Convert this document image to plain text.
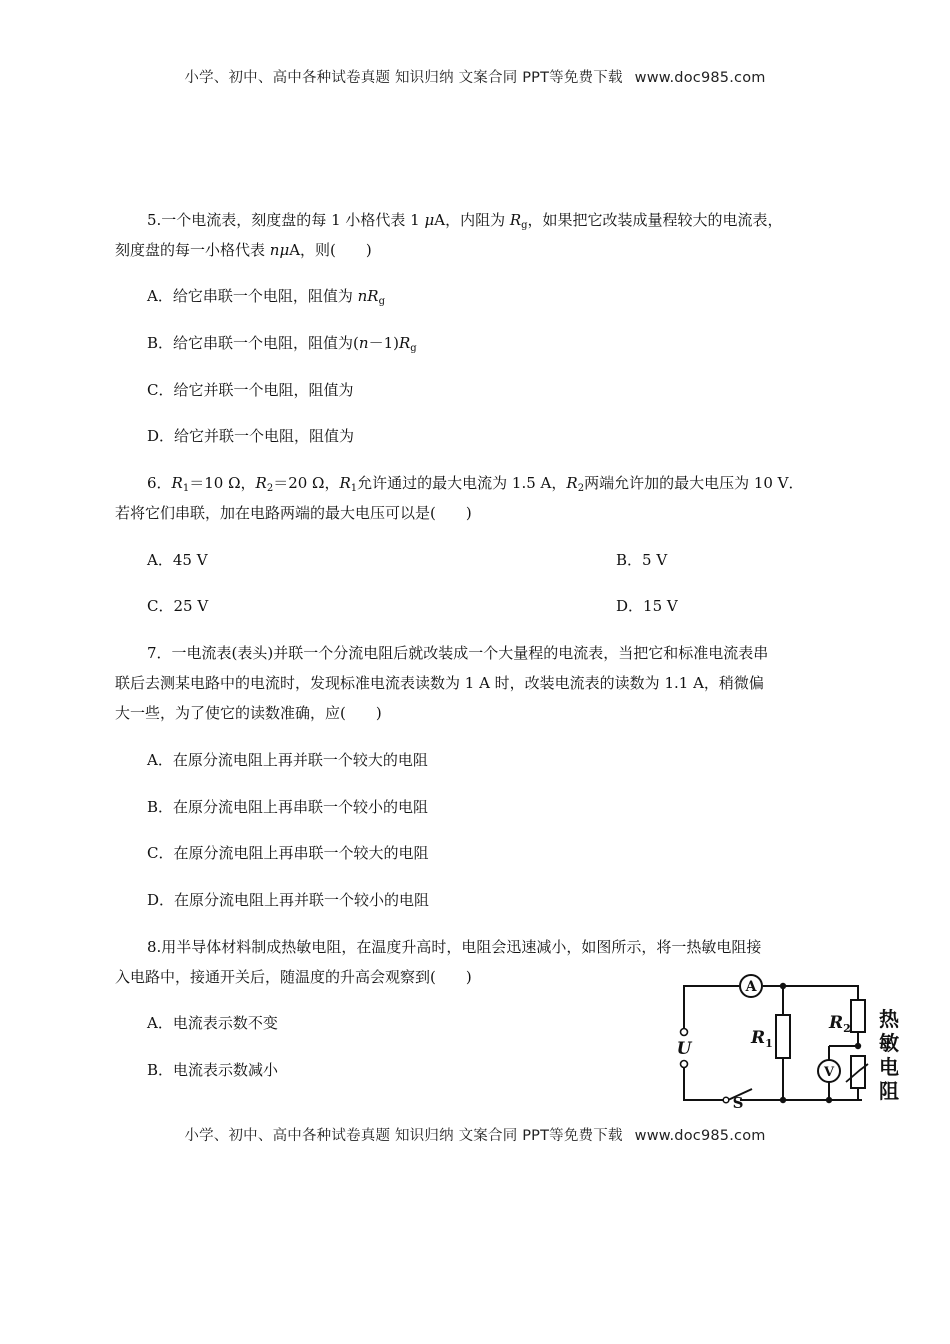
小学、初中、高中各种试卷真题 知识归纳 文案合同 PPT等免费下载 www.doc985.com
5.一个电流表，刻度盘的每 1 小格代表 1 μA，内阻为 $R_g$，如果把它改装成量程较大的电流表，
刻度盘的每一小格代表 nμA，则(　　)
A．给它串联一个电阻，阻值为 $nR_g$
B．给它串联一个电阻，阻值为$(n-1)R_g$
C．给它并联一个电阻，阻值为
D．给它并联一个电阻，阻值为
6．$R_1=10$ Ω，$R_2=20$ Ω，$R_1$允许通过的最大电流为 1.5 A，$R_2$两端允许加的最大电压为 10 V．
若将它们串联，加在电路两端的最大电压可以是(　　)
A．45 V	B．5 V
C．25 V	D．15 V
7．一电流表(表头)并联一个分流电阻后就改装成一个大量程的电流表，当把它和标准电流表串
联后去测某电路中的电流时，发现标准电流表读数为 1 A 时，改装电流表的读数为 1.1 A，稍微偏
大一些，为了使它的读数准确，应(　　)
A．在原分流电阻上再并联一个较大的电阻
B．在原分流电阻上再串联一个较小的电阻
C．在原分流电阻上再串联一个较大的电阻
D．在原分流电阻上再并联一个较小的电阻
8.用半导体材料制成热敏电阻，在温度升高时，电阻会迅速减小，如图所示，将一热敏电阻接
入电路中，接通开关后，随温度的升高会观察到(　　)
A．电流表示数不变
B．电流表示数减小
A
V
U
S
$R_1$
$R_2$ 热
敏
电
阻
小学、初中、高中各种试卷真题 知识归纳 文案合同 PPT等免费下载 www.doc985.com
